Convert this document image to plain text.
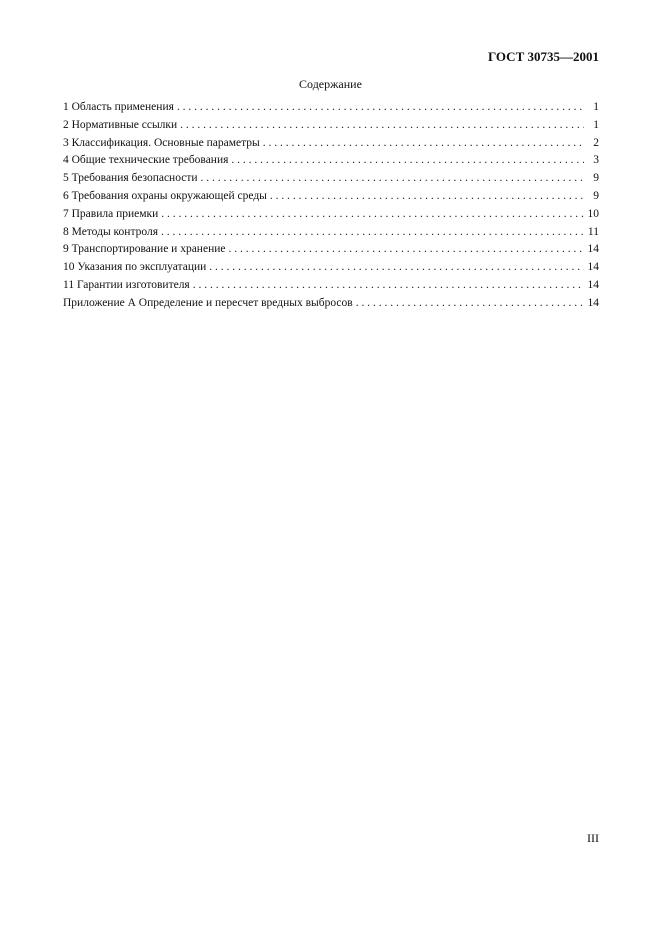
ГОСТ 30735—2001
Содержание
1 Область применения . . .	1
2 Нормативные ссылки . . .	1
3 Классификация. Основные параметры . . .	2
4 Общие технические требования . . .	3
5 Требования безопасности . . .	9
6 Требования охраны окружающей среды . . .	9
7 Правила приемки . . .	10
8 Методы контроля . . .	11
9 Транспортирование и хранение . . .	14
10 Указания по эксплуатации . . .	14
11 Гарантии изготовителя . . .	14
Приложение А Определение и пересчет вредных выбросов . . .	14
III
